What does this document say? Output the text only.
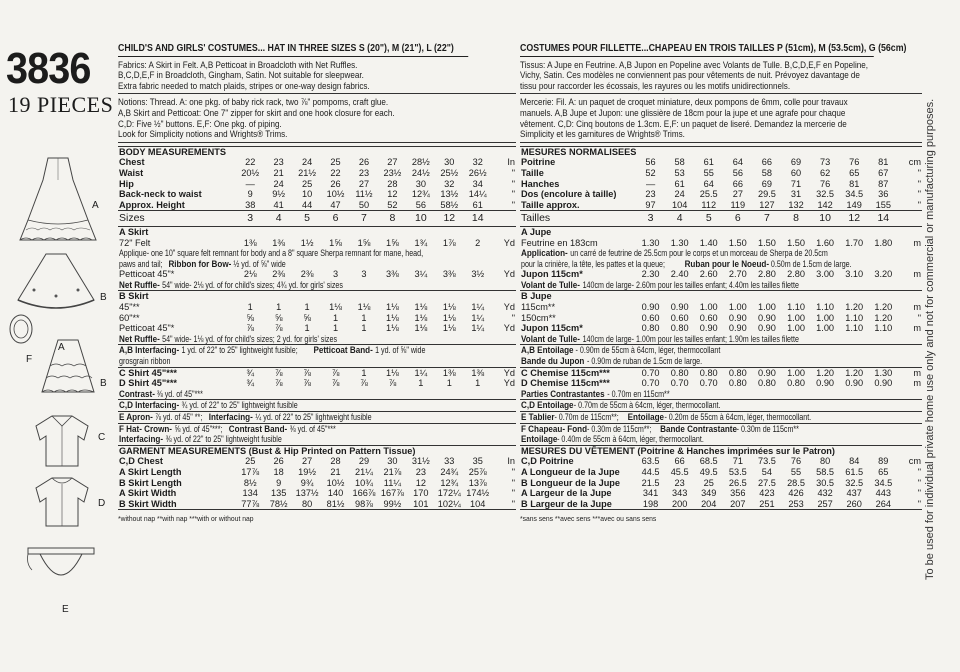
3836
19 PIECES
A
B
A
F
B
C
D
E
CHILD'S AND GIRLS' COSTUMES... HAT IN THREE SIZES S (20"), M (21"), L (22")

Fabrics: A Skirt in Felt. A,B Petticoat in Broadcloth with Net Ruffles.

B,C,D,E,F in Broadcloth, Gingham, Satin. Not suitable for sleepwear.

Extra fabric needed to match plaids, stripes or one-way design fabrics.

Notions: Thread. A: one pkg. of baby rick rack, two ⅞" pompoms, craft glue.

A,B Skirt and Petticoat: One 7" zipper for skirt and one hook closure for each.

C,D: Five ½" buttons. E,F: One pkg. of piping.

Look for Simplicity notions and Wrights® Trims.

BODY MEASUREMENTS										
Chest	22	23	24	25	26	27	28½	30	32	In
Waist	20½	21	21½	22	23	23½	24½	25½	26½	"
Hip	—	24	25	26	27	28	30	32	34	"
Back-neck to waist	9	9½	10	10½	11½	12	12¾	13½	14¼	"
Approx. Height	38	41	44	47	50	52	56	58½	61	"
Sizes	3	4	5	6	7	8	10	12	14	
A Skirt										
72" Felt	1⅜	1⅜	1½	1⅝	1⅝	1⅝	1¾	1⅞	2	Yd
Applique- one 10" square felt remnant for body and a 8" square Sherpa remnant for mane, head,										
paws and tail;Ribbon for Bow- ½ yd. of ⅝" wide										
Petticoat 45"*	2⅛	2⅜	2⅜	3	3	3⅜	3¼	3⅜	3½	Yd
Net Ruffle- 54" wide- 2⅛ yd. of for child's sizes; 4¾ yd. for girls' sizes										
B Skirt										
45"**	1	1	1	1⅛	1⅛	1⅛	1⅛	1⅛	1¼	Yd
60"**	⅝	⅝	⅝	1	1	1⅛	1⅛	1⅛	1¼	"
Petticoat 45"*	⅞	⅞	1	1	1	1⅛	1⅛	1⅛	1¼	Yd
Net Ruffle- 54" wide- 1⅛ yd. of for child's sizes; 2 yd. for girls' sizes										
A,B Interfacing- 1 yd. of 22" to 25" lightweight fusible;Petticoat Band- 1 yd. of ⅝" wide										
grosgrain ribbon										
C Shirt 45"***	¾	⅞	⅞	⅞	1	1⅛	1¼	1⅜	1⅜	Yd
D Shirt 45"***	¾	⅞	⅞	⅞	⅞	⅞	1	1	1	Yd
Contrast- ⅜ yd. of 45"***										
C,D Interfacing- ¾ yd. of 22" to 25" lightweight fusible										
E Apron- ⅞ yd. of 45" **;Interfacing- ¼ yd. of 22" to 25" lightweight fusible										
F Hat- Crown- ⅝ yd. of 45"***;Contrast Band- ⅜ yd. of 45"***										
Interfacing- ⅜ yd. of 22" to 25" lightweight fusible										
GARMENT MEASUREMENTS (Bust & Hip Printed on Pattern Tissue)										
C,D Chest	25	26	27	28	29	30	31½	33	35	In
A Skirt Length	17⅞	18	19½	21	21¼	21⅞	23	24¾	25⅞	"
B Skirt Length	8½	9	9¾	10½	10¾	11¼	12	12¾	13⅞	"
A Skirt Width	134	135	137½	140	166⅞	167⅞	170	172¼	174½	"
B Skirt Width	77⅞	78½	80	81½	98⅞	99½	101	102¼	104	"
*without nap **with nap ***with or without nap
COSTUMES POUR FILLETTE...CHAPEAU EN TROIS TAILLES P (51cm), M (53.5cm), G (56cm)

Tissus: A Jupe en Feutrine. A,B Jupon en Popeline avec Volants de Tulle. B,C,D,E,F en Popeline,

Vichy, Satin. Ces modèles ne conviennent pas pour vêtements de nuit. Prévoyez davantage de

tissu pour raccorder les écossais, les rayures ou les motifs unidirectionnels.

Mercerie: Fil. A: un paquet de croquet miniature, deux pompons de 6mm, colle pour travaux

manuels. A,B Jupe et Jupon: une glissière de 18cm pour la jupe et une agrafe pour chaque

vêtement. C,D: Cinq boutons de 1.3cm. E,F: un paquet de liseré. Demandez la mercerie de

Simplicity et les garnitures de Wrights® Trims.

MESURES NORMALISEES										
Poitrine	56	58	61	64	66	69	73	76	81	cm
Taille	52	53	55	56	58	60	62	65	67	"
Hanches	—	61	64	66	69	71	76	81	87	"
Dos (encolure à taille)	23	24	25.5	27	29.5	31	32.5	34.5	36	"
Taille approx.	97	104	112	119	127	132	142	149	155	"
Tailles	3	4	5	6	7	8	10	12	14	
A Jupe										
Feutrine en 183cm	1.30	1.30	1.40	1.50	1.50	1.50	1.60	1.70	1.80	m
Application- un carré de feutrine de 25.5cm pour le corps et un morceau de Sherpa de 20.5cm										
pour la crinière, la tête, les pattes et la queue;Ruban pour le Noeud- 0.50m de 1.5cm de large.										
Jupon 115cm*	2.30	2.40	2.60	2.70	2.80	2.80	3.00	3.10	3.20	m
Volant de Tulle- 140cm de large- 2.60m pour les tailles enfant; 4.40m les tailles filette										
B Jupe										
115cm**	0.90	0.90	1.00	1.00	1.00	1.10	1.10	1.20	1.20	m
150cm**	0.60	0.60	0.60	0.90	0.90	1.00	1.00	1.10	1.20	"
Jupon 115cm*	0.80	0.80	0.90	0.90	0.90	1.00	1.00	1.10	1.10	m
Volant de Tulle- 140cm de large- 1.00m pour les tailles enfant; 1.90m les tailles filette										
A,B Entoilage - 0.90m de 55cm à 64cm, léger, thermocollant										
Bande du Jupon - 0.90m de ruban de 1.5cm de large.										
C Chemise 115cm***	0.70	0.80	0.80	0.80	0.90	1.00	1.20	1.20	1.30	m
D Chemise 115cm***	0.70	0.70	0.70	0.80	0.80	0.80	0.90	0.90	0.90	m
Parties Contrastantes - 0.70m en 115cm**										
C,D Entoilage- 0.70m de 55cm à 64cm, léger, thermocollant.										
E Tablier- 0.70m de 115cm**;Entoilage- 0.20m de 55cm à 64cm, léger, thermocollant.										
F Chapeau- Fond- 0.30m de 115cm**;Bande Contrastante- 0.30m de 115cm**										
Entoilage- 0.40m de 55cm à 64cm, léger, thermocollant.										
MESURES DU VÊTEMENT (Poitrine & Hanches imprimées sur le Patron)										
C,D Poitrine	63.5	66	68.5	71	73.5	76	80	84	89	cm
A Longueur de la Jupe	44.5	45.5	49.5	53.5	54	55	58.5	61.5	65	"
B Longueur de la Jupe	21.5	23	25	26.5	27.5	28.5	30.5	32.5	34.5	"
A Largeur de la Jupe	341	343	349	356	423	426	432	437	443	"
B Largeur de la Jupe	198	200	204	207	251	253	257	260	264	"
*sans sens **avec sens ***avec ou sans sens	To be used for individual private home use only and not for commercial or manufacturing purposes.
